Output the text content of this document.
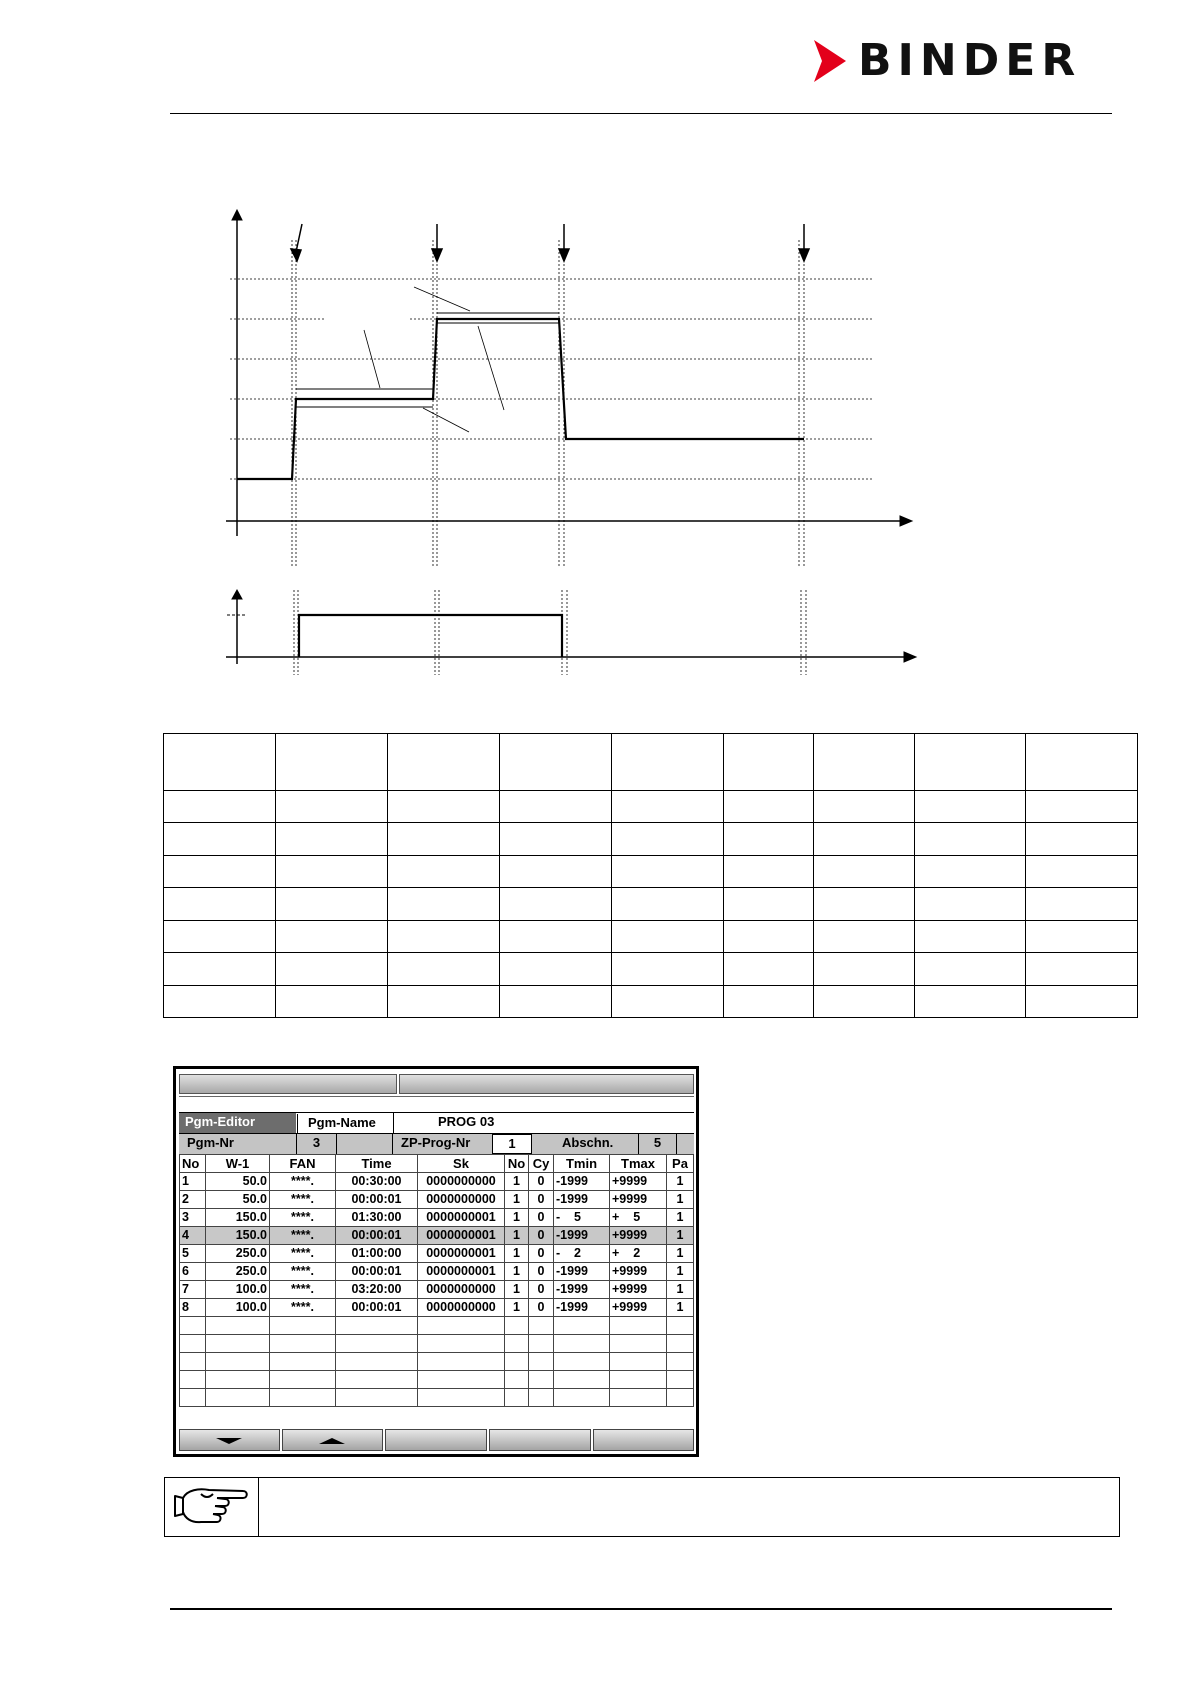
BINDER

Pgm-Editor	Pgm-Name	PROG 03
Pgm-Nr	3	ZP-Prog-Nr	1	Abschn.	5
No	W-1	FAN	Time	Sk	No	Cy	Tmin	Tmax	Pa
1	50.0	****.	00:30:00	0000000000	1	0	-1999	+9999	1
2	50.0	****.	00:00:01	0000000000	1	0	-1999	+9999	1
3	150.0	****.	01:30:00	0000000001	1	0	-    5	+    5	1
4	150.0	****.	00:00:01	0000000001	1	0	-1999	+9999	1
5	250.0	****.	01:00:00	0000000001	1	0	-    2	+    2	1
6	250.0	****.	00:00:01	0000000001	1	0	-1999	+9999	1
7	100.0	****.	03:20:00	0000000000	1	0	-1999	+9999	1
8	100.0	****.	00:00:01	0000000000	1	0	-1999	+9999	1
